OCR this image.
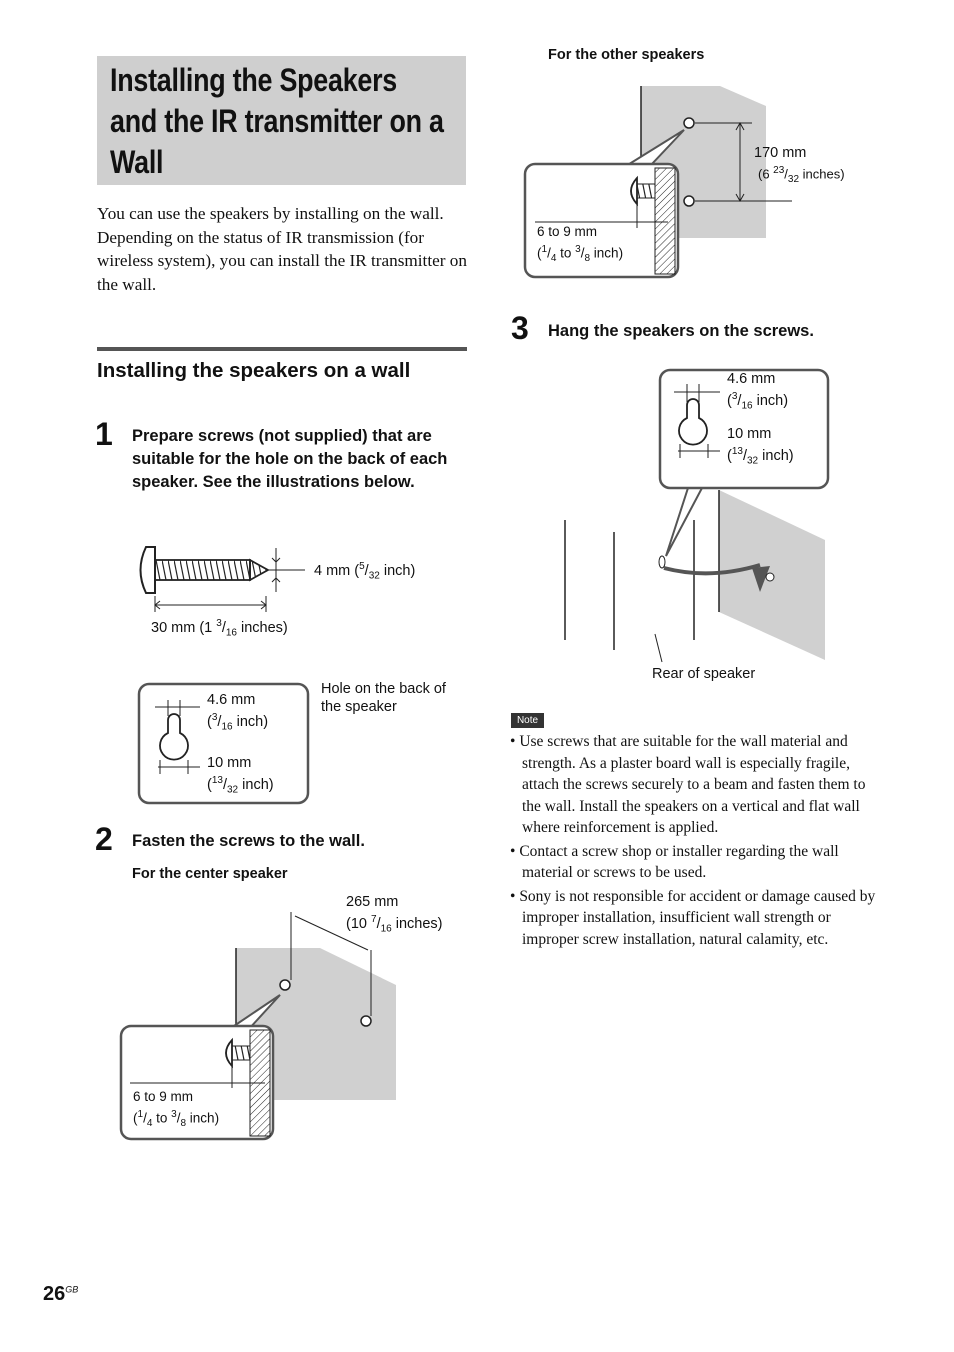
Installing the Speakers
and the IR transmitter on a
Wall
You can use the speakers by installing on the wall.
Depending on the status of IR transmission (for wireless system), you can install the IR transmitter on the wall.
Installing the speakers on a wall
1 Prepare screws (not supplied) that are suitable for the hole on the back of each speaker. See the illustrations below.
2 Fasten the screws to the wall.
For the center speaker
For the other speakers
3 Hang the speakers on the screws.
4 mm ($^5/_{32}$ inch)
30 mm (1 $^3/_{16}$ inches)
Hole on the back of
the speaker
4.6 mm
($^3/_{16}$ inch)
10 mm
($^{13}/_{32}$ inch)
265 mm
(10 $^7/_{16}$ inches)
6 to 9 mm
($^1/_4$ to $^3/_8$ inch)
170 mm
(6 $^{23}/_{32}$ inches)
6 to 9 mm
($^1/_4$ to $^3/_8$ inch)
4.6 mm
($^3/_{16}$ inch)
10 mm
($^{13}/_{32}$ inch)
Rear of speaker
Note
• Use screws that are suitable for the wall material and strength. As a plaster board wall is especially fragile, attach the screws securely to a beam and fasten them to the wall. Install the speakers on a vertical and flat wall where reinforcement is applied.
• Contact a screw shop or installer regarding the wall material or screws to be used.
• Sony is not responsible for accident or damage caused by improper installation, insufficient wall strength or improper screw installation, natural calamity, etc.
$26^{GB}$
